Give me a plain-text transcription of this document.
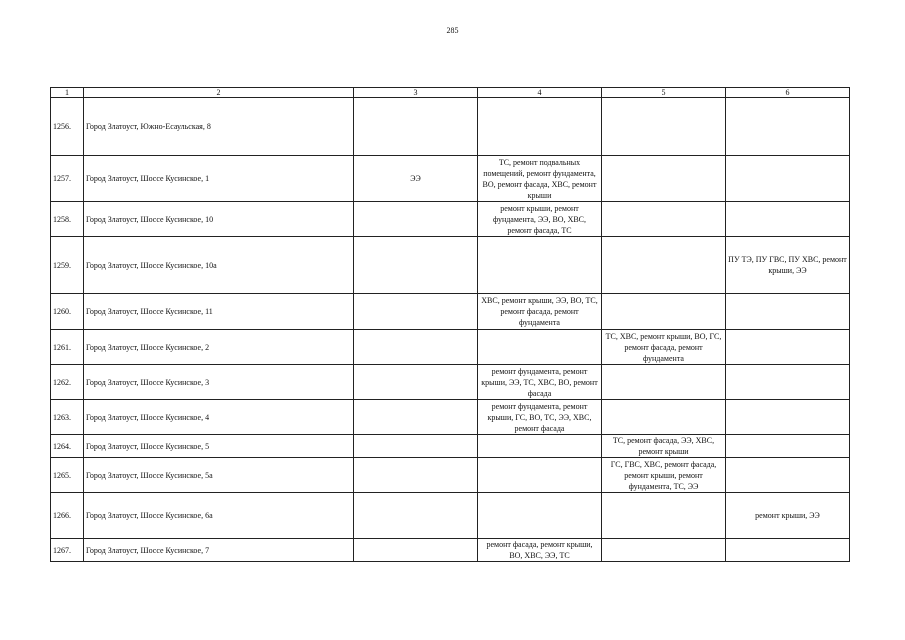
285
1	2	3	4	5	6
1256.	Город Златоуст, Южно-Есаульская, 8				
1257.	Город Златоуст, Шоссе Кусинское, 1	ЭЭ	ТС, ремонт подвальных помещений, ремонт фундамента, ВО, ремонт фасада, ХВС, ремонт крыши		
1258.	Город Златоуст, Шоссе Кусинское, 10		ремонт крыши, ремонт фундамента, ЭЭ, ВО, ХВС, ремонт фасада, ТС		
1259.	Город Златоуст, Шоссе Кусинское, 10а				ПУ ТЭ, ПУ ГВС, ПУ ХВС, ремонт крыши, ЭЭ
1260.	Город Златоуст, Шоссе Кусинское, 11		ХВС, ремонт крыши, ЭЭ, ВО, ТС, ремонт фасада, ремонт фундамента		
1261.	Город Златоуст, Шоссе Кусинское, 2			ТС, ХВС, ремонт крыши, ВО, ГС, ремонт фасада, ремонт фундамента	
1262.	Город Златоуст, Шоссе Кусинское, 3		ремонт фундамента, ремонт крыши, ЭЭ, ТС, ХВС, ВО, ремонт фасада		
1263.	Город Златоуст, Шоссе Кусинское, 4		ремонт фундамента, ремонт крыши, ГС, ВО, ТС, ЭЭ, ХВС, ремонт фасада		
1264.	Город Златоуст, Шоссе Кусинское, 5			ТС, ремонт фасада, ЭЭ, ХВС, ремонт крыши	
1265.	Город Златоуст, Шоссе Кусинское, 5а			ГС, ГВС, ХВС, ремонт фасада, ремонт крыши, ремонт фундамента, ТС, ЭЭ	
1266.	Город Златоуст, Шоссе Кусинское, 6а				ремонт крыши, ЭЭ
1267.	Город Златоуст, Шоссе Кусинское, 7		ремонт фасада, ремонт крыши, ВО, ХВС, ЭЭ, ТС		
